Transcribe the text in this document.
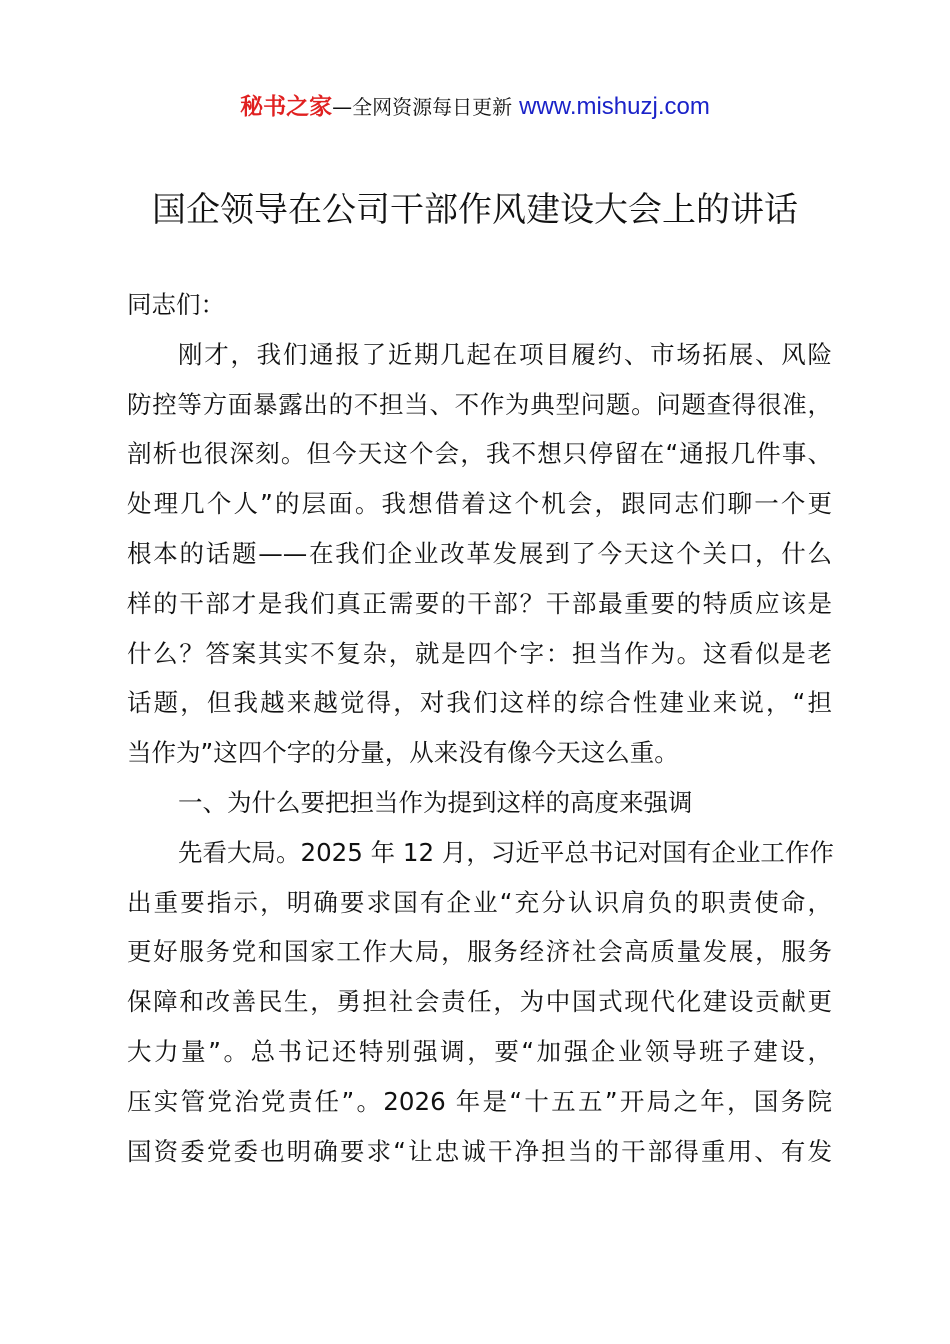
秘书之家—全网资源每日更新 www.mishuzj.com
国企领导在公司干部作风建设大会上的讲话
同志们：
刚才，我们通报了近期几起在项目履约、市场拓展、风险
防控等方面暴露出的不担当、不作为典型问题。问题查得很准，
剖析也很深刻。但今天这个会，我不想只停留在“通报几件事、
处理几个人”的层面。我想借着这个机会，跟同志们聊一个更
根本的话题——在我们企业改革发展到了今天这个关口，什么
样的干部才是我们真正需要的干部？干部最重要的特质应该是
什么？答案其实不复杂，就是四个字：担当作为。这看似是老
话题，但我越来越觉得，对我们这样的综合性建业来说，“担
当作为”这四个字的分量，从来没有像今天这么重。
一、为什么要把担当作为提到这样的高度来强调
先看大局。2025 年 12 月，习近平总书记对国有企业工作作
出重要指示，明确要求国有企业“充分认识肩负的职责使命，
更好服务党和国家工作大局，服务经济社会高质量发展，服务
保障和改善民生，勇担社会责任，为中国式现代化建设贡献更
大力量”。总书记还特别强调，要“加强企业领导班子建设，
压实管党治党责任”。2026 年是“十五五”开局之年，国务院
国资委党委也明确要求“让忠诚干净担当的干部得重用、有发
